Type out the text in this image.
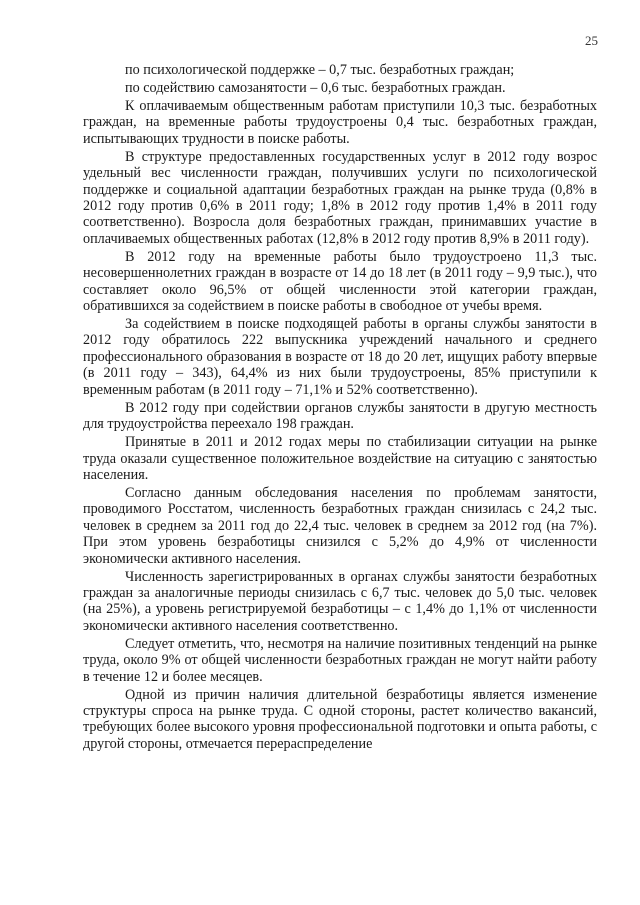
25

по психологической поддержке – 0,7 тыс. безработных граждан;

по содействию самозанятости – 0,6 тыс. безработных граждан.

К оплачиваемым общественным работам приступили 10,3 тыс. безработных граждан, на временные работы трудоустроены 0,4 тыс. безработных граждан, испытывающих трудности в поиске работы.

В структуре предоставленных государственных услуг в 2012 году возрос удельный вес численности граждан, получивших услуги по психологической поддержке и социальной адаптации безработных граждан на рынке труда (0,8% в 2012 году против 0,6% в 2011 году; 1,8% в 2012 году против 1,4% в 2011 году соответственно). Возросла доля безработных граждан, принимавших участие в оплачиваемых общественных работах (12,8% в 2012 году против 8,9% в 2011 году).

В 2012 году на временные работы было трудоустроено 11,3 тыс. несовершеннолетних граждан в возрасте от 14 до 18 лет (в 2011 году – 9,9 тыс.), что составляет около 96,5% от общей численности этой категории граждан, обратившихся за содействием в поиске работы в свободное от учебы время.

За содействием в поиске подходящей работы в органы службы занятости в 2012 году обратилось 222 выпускника учреждений начального и среднего профессионального образования в возрасте от 18 до 20 лет, ищущих работу впервые (в 2011 году – 343), 64,4% из них были трудоустроены, 85% приступили к временным работам (в 2011 году – 71,1% и 52% соответственно).

В 2012 году при содействии органов службы занятости в другую местность для трудоустройства переехало 198 граждан.

Принятые в 2011 и 2012 годах меры по стабилизации ситуации на рынке труда оказали существенное положительное воздействие на ситуацию с занятостью населения.

Согласно данным обследования населения по проблемам занятости, проводимого Росстатом, численность безработных граждан снизилась с 24,2 тыс. человек в среднем за 2011 год до 22,4 тыс. человек в среднем за 2012 год (на 7%). При этом уровень безработицы снизился с 5,2% до 4,9% от численности экономически активного населения.

Численность зарегистрированных в органах службы занятости безработных граждан за аналогичные периоды снизилась с 6,7 тыс. человек до 5,0 тыс. человек (на 25%), а уровень регистрируемой безработицы – с 1,4% до 1,1% от численности экономически активного населения соответственно.

Следует отметить, что, несмотря на наличие позитивных тенденций на рынке труда, около 9% от общей численности безработных граждан не могут найти работу в течение 12 и более месяцев.

Одной из причин наличия длительной безработицы является изменение структуры спроса на рынке труда. С одной стороны, растет количество вакансий, требующих более высокого уровня профессиональной подготовки и опыта работы, с другой стороны, отмечается перераспределение
